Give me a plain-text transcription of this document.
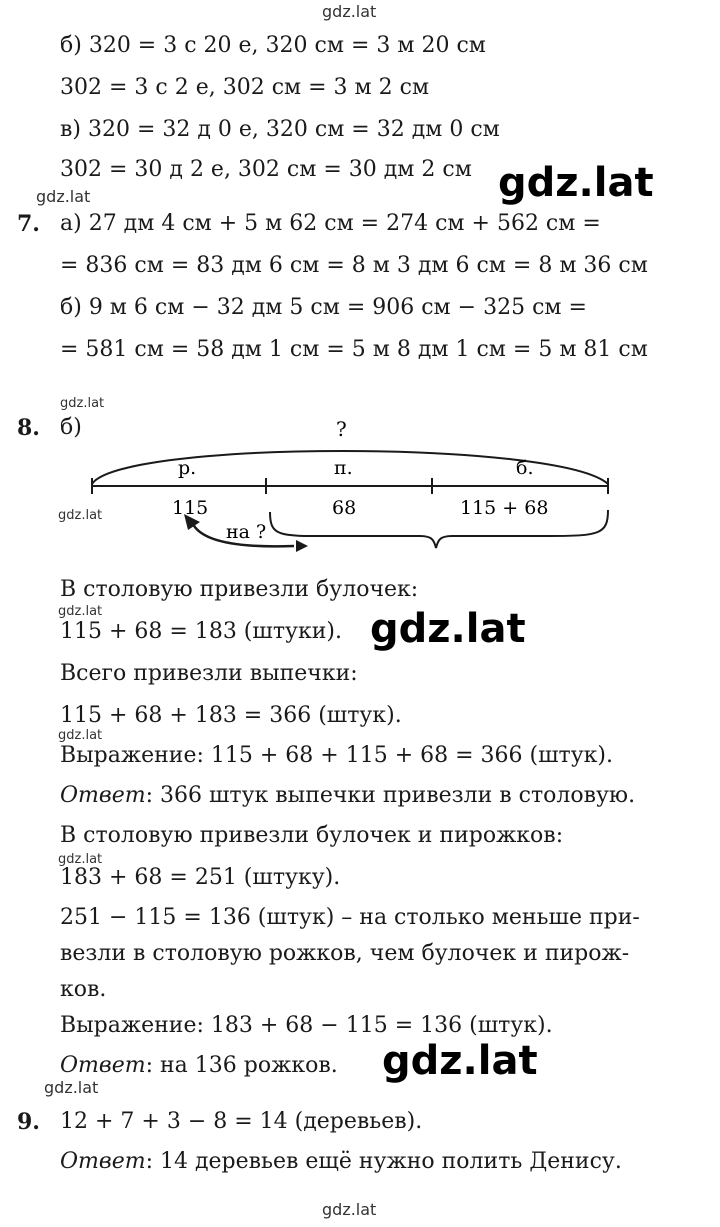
gdz.lat
gdz.lat	gdz.lat
gdz.lat
gdz.lat
gdz.lat	gdz.lat
gdz.lat
gdz.lat
gdz.lat
gdz.lat
gdz.lat
б) 320 = 3 с 20 е, 320 см = 3 м 20 см
302 = 3 с 2 е, 302 см = 3 м 2 см
в) 320 = 32 д 0 е, 320 см = 32 дм 0 см
302 = 30 д 2 е, 302 см = 30 дм 2 см
7. а) 27 дм 4 см + 5 м 62 см = 274 см + 562 см =
= 836 см = 83 дм 6 см = 8 м 3 дм 6 см = 8 м 36 см
б) 9 м 6 см − 32 дм 5 см = 906 см − 325 см =
= 581 см = 58 дм 1 см = 5 м 8 дм 1 см = 5 м 81 см
8. б)	?
р.	п.	б.
115	68	115 + 68
на ?
В столовую привезли булочек:
115 + 68 = 183 (штуки).
Всего привезли выпечки:
115 + 68 + 183 = 366 (штук).
Выражение: 115 + 68 + 115 + 68 = 366 (штук).
Ответ: 366 штук выпечки привезли в столовую.
В столовую привезли булочек и пирожков:
183 + 68 = 251 (штуку).
251 − 115 = 136 (штук) – на столько меньше при-
везли в столовую рожков, чем булочек и пирож-
ков.
Выражение: 183 + 68 − 115 = 136 (штук).
Ответ: на 136 рожков.
9. 12 + 7 + 3 − 8 = 14 (деревьев).
Ответ: 14 деревьев ещё нужно полить Денису.
